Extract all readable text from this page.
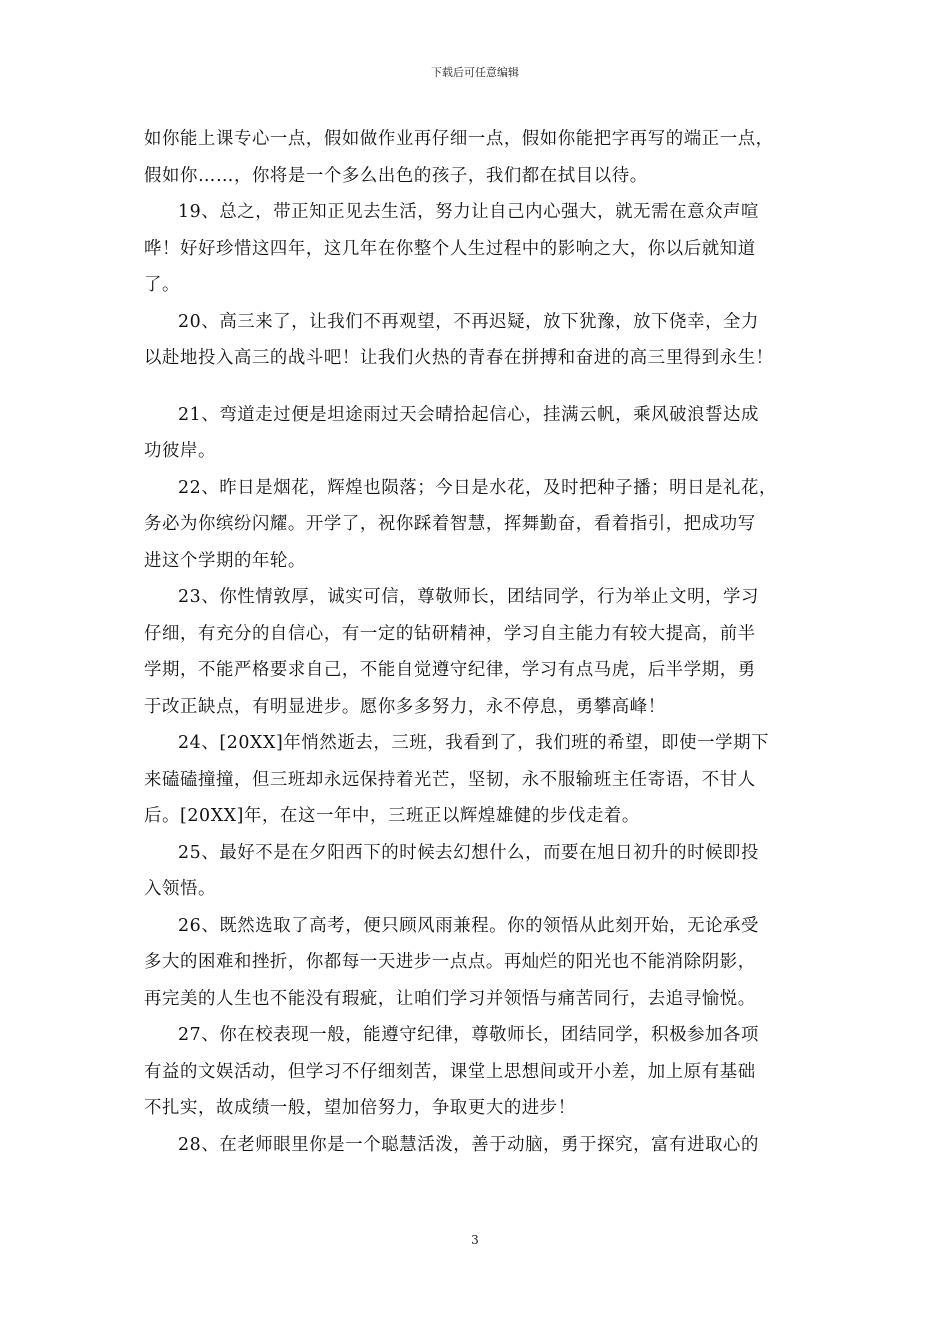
下载后可任意编辑

如你能上课专心一点，假如做作业再仔细一点，假如你能把字再写的端正一点，
假如你……，你将是一个多么出色的孩子，我们都在拭目以待。

19、总之，带正知正见去生活，努力让自己内心强大，就无需在意众声喧
哗！好好珍惜这四年，这几年在你整个人生过程中的影响之大，你以后就知道
了。

20、高三来了，让我们不再观望，不再迟疑，放下犹豫，放下侥幸，全力
以赴地投入高三的战斗吧！让我们火热的青春在拼搏和奋进的高三里得到永生！

21、弯道走过便是坦途雨过天会晴拾起信心，挂满云帆，乘风破浪誓达成
功彼岸。

22、昨日是烟花，辉煌也陨落；今日是水花，及时把种子播；明日是礼花，
务必为你缤纷闪耀。开学了，祝你踩着智慧，挥舞勤奋，看着指引，把成功写
进这个学期的年轮。

23、你性情敦厚，诚实可信，尊敬师长，团结同学，行为举止文明，学习
仔细，有充分的自信心，有一定的钻研精神，学习自主能力有较大提高，前半
学期，不能严格要求自己，不能自觉遵守纪律，学习有点马虎，后半学期，勇
于改正缺点，有明显进步。愿你多多努力，永不停息，勇攀高峰！

24、[20XX]年悄然逝去，三班，我看到了，我们班的希望，即使一学期下
来磕磕撞撞，但三班却永远保持着光芒，坚韧，永不服输班主任寄语，不甘人
后。[20XX]年，在这一年中，三班正以辉煌雄健的步伐走着。

25、最好不是在夕阳西下的时候去幻想什么，而要在旭日初升的时候即投
入领悟。

26、既然选取了高考，便只顾风雨兼程。你的领悟从此刻开始，无论承受
多大的困难和挫折，你都每一天进步一点点。再灿烂的阳光也不能消除阴影，
再完美的人生也不能没有瑕疵，让咱们学习并领悟与痛苦同行，去追寻愉悦。

27、你在校表现一般，能遵守纪律，尊敬师长，团结同学，积极参加各项
有益的文娱活动，但学习不仔细刻苦，课堂上思想间或开小差，加上原有基础
不扎实，故成绩一般，望加倍努力，争取更大的进步！

28、在老师眼里你是一个聪慧活泼，善于动脑，勇于探究，富有进取心的

3
